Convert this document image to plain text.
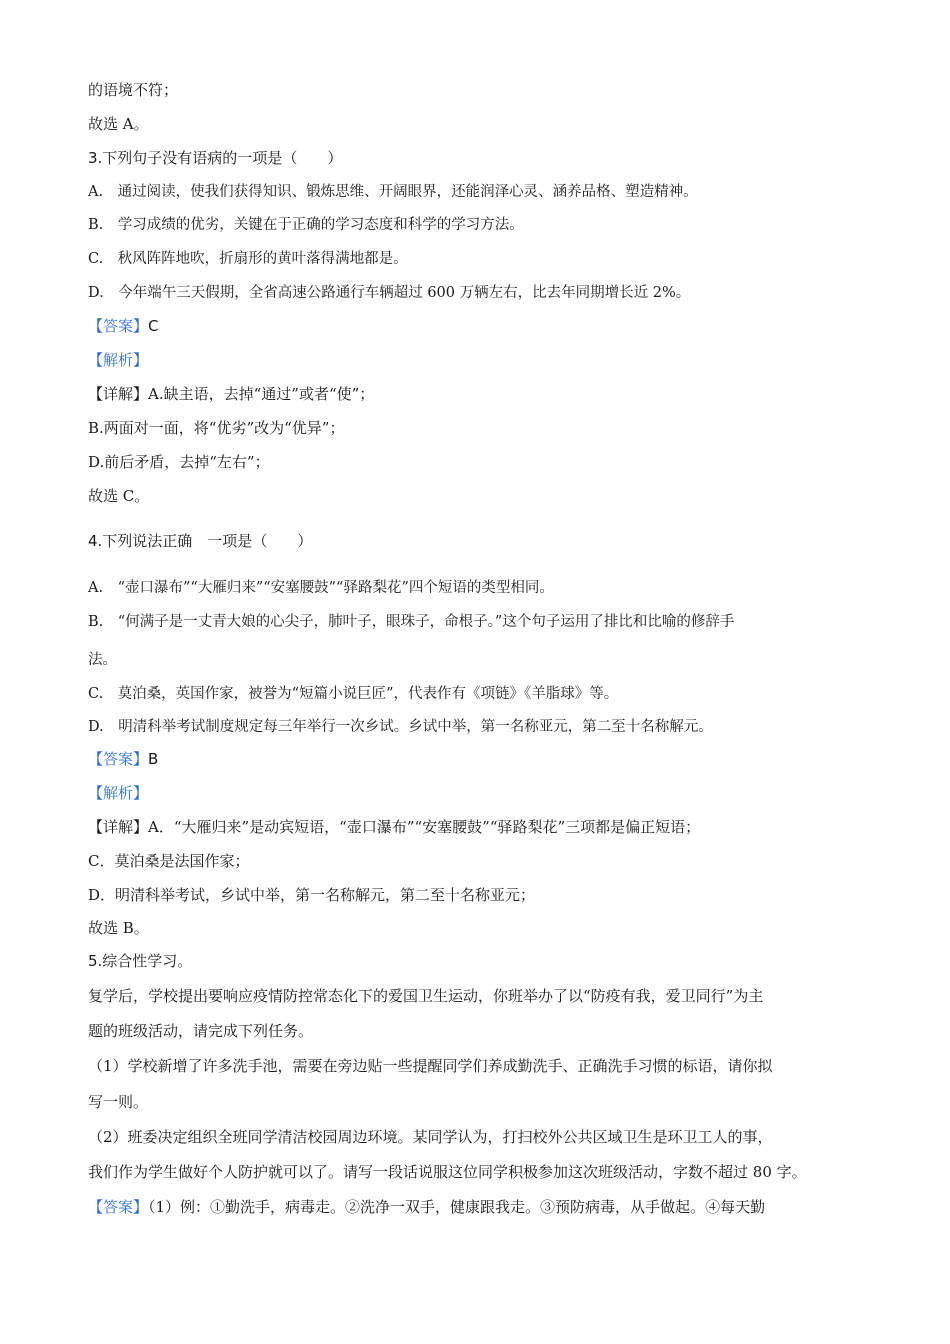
的语境不符；
故选 A。
3.下列句子没有语病的一项是（　　）
A.　通过阅读，使我们获得知识、锻炼思维、开阔眼界，还能润泽心灵、涵养品格、塑造精神。
B.　学习成绩的优劣，关键在于正确的学习态度和科学的学习方法。
C.　秋风阵阵地吹，折扇形的黄叶落得满地都是。
D.　今年端午三天假期，全省高速公路通行车辆超过 600 万辆左右，比去年同期增长近 2%。
【答案】C
【解析】
【详解】A.缺主语，去掉“通过”或者“使”；
B.两面对一面，将“优劣”改为“优异”；
D.前后矛盾，去掉“左右”；
故选 C。
4.下列说法正确　一项是（　　）
A.　“壶口瀑布”“大雁归来”“安塞腰鼓”“驿路梨花”四个短语的类型相同。
B.　“何满子是一丈青大娘的心尖子，肺叶子，眼珠子，命根子。”这个句子运用了排比和比喻的修辞手
法。
C.　莫泊桑，英国作家，被誉为“短篇小说巨匠”，代表作有《项链》《羊脂球》等。
D.　明清科举考试制度规定每三年举行一次乡试。乡试中举，第一名称亚元，第二至十名称解元。
【答案】B
【解析】
【详解】A．“大雁归来”是动宾短语，“壶口瀑布”“安塞腰鼓”“驿路梨花”三项都是偏正短语；
C．莫泊桑是法国作家；
D．明清科举考试，乡试中举，第一名称解元，第二至十名称亚元；
故选 B。
5.综合性学习。
复学后，学校提出要响应疫情防控常态化下的爱国卫生运动，你班举办了以“防疫有我，爱卫同行”为主
题的班级活动，请完成下列任务。
（1）学校新增了许多洗手池，需要在旁边贴一些提醒同学们养成勤洗手、正确洗手习惯的标语，请你拟
写一则。
（2）班委决定组织全班同学清洁校园周边环境。某同学认为，打扫校外公共区域卫生是环卫工人的事，
我们作为学生做好个人防护就可以了。请写一段话说服这位同学积极参加这次班级活动，字数不超过 80 字。
【答案】（1）例：①勤洗手，病毒走。②洗净一双手，健康跟我走。③预防病毒，从手做起。④每天勤
